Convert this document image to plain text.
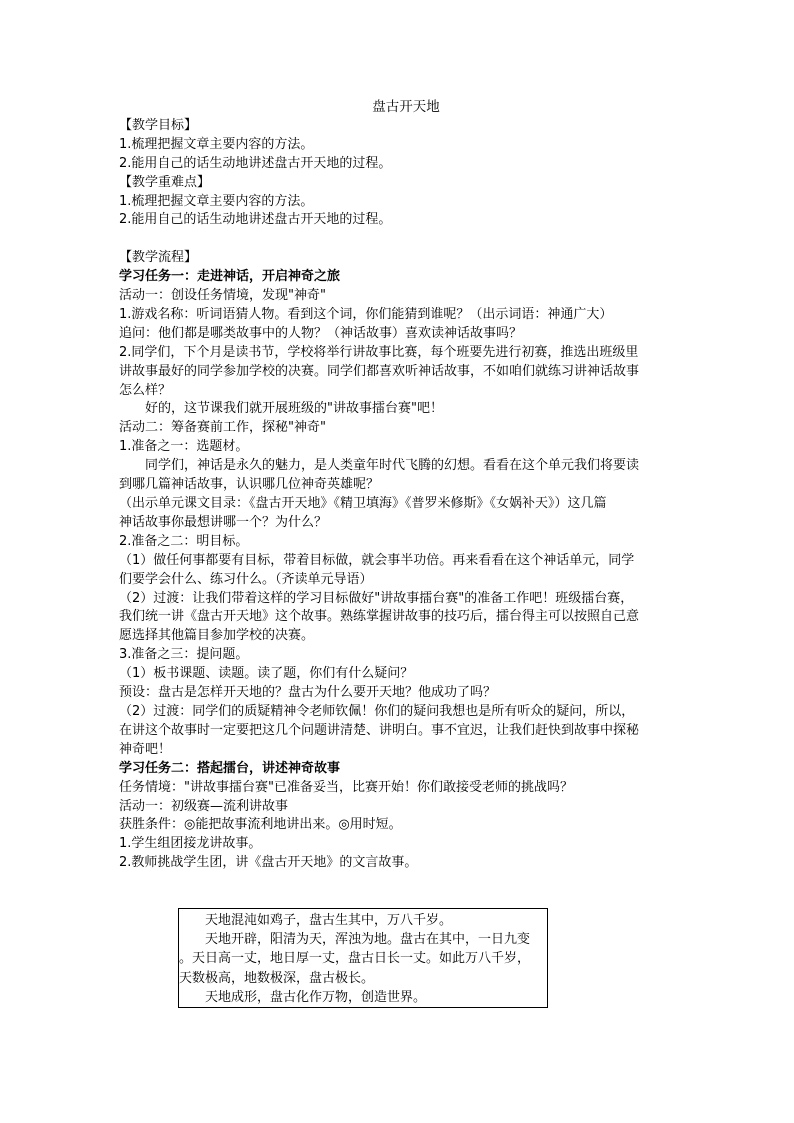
盘古开天地
【教学目标】
1.梳理把握文章主要内容的方法。
2.能用自己的话生动地讲述盘古开天地的过程。
【教学重难点】
1.梳理把握文章主要内容的方法。
2.能用自己的话生动地讲述盘古开天地的过程。
【教学流程】
学习任务一：走进神话，开启神奇之旅
活动一：创设任务情境，发现"神奇"
1.游戏名称：听词语猜人物。看到这个词，你们能猜到谁呢？（出示词语：神通广大）
追问：他们都是哪类故事中的人物？（神话故事）喜欢读神话故事吗？
2.同学们，下个月是读书节，学校将举行讲故事比赛，每个班要先进行初赛，推选出班级里
讲故事最好的同学参加学校的决赛。同学们都喜欢听神话故事，不如咱们就练习讲神话故事
怎么样？
好的，这节课我们就开展班级的"讲故事擂台赛"吧！
活动二：筹备赛前工作，探秘"神奇"
1.准备之一：选题材。
同学们，神话是永久的魅力，是人类童年时代飞腾的幻想。看看在这个单元我们将要读
到哪几篇神话故事，认识哪几位神奇英雄呢？
（出示单元课文目录：《盘古开天地》《精卫填海》《普罗米修斯》《女娲补天》）这几篇
神话故事你最想讲哪一个？为什么？
2.准备之二：明目标。
（1）做任何事都要有目标，带着目标做，就会事半功倍。再来看看在这个神话单元，同学
们要学会什么、练习什么。（齐读单元导语）
（2）过渡：让我们带着这样的学习目标做好"讲故事擂台赛"的准备工作吧！班级擂台赛，
我们统一讲《盘古开天地》这个故事。熟练掌握讲故事的技巧后，擂台得主可以按照自己意
愿选择其他篇目参加学校的决赛。
3.准备之三：提问题。
（1）板书课题、读题。读了题，你们有什么疑问？
预设：盘古是怎样开天地的？盘古为什么要开天地？他成功了吗？
（2）过渡：同学们的质疑精神令老师钦佩！你们的疑问我想也是所有听众的疑问，所以，
在讲这个故事时一定要把这几个问题讲清楚、讲明白。事不宜迟，让我们赶快到故事中探秘
神奇吧！
学习任务二：搭起擂台，讲述神奇故事
任务情境："讲故事擂台赛"已准备妥当，比赛开始！你们敢接受老师的挑战吗？
活动一：初级赛—流利讲故事
获胜条件：◎能把故事流利地讲出来。◎用时短。
1.学生组团接龙讲故事。
2.教师挑战学生团，讲《盘古开天地》的文言故事。
天地混沌如鸡子，盘古生其中，万八千岁。
天地开辟，阳清为天，浑浊为地。盘古在其中，一日九变
。天日高一丈，地日厚一丈，盘古日长一丈。如此万八千岁，
天数极高，地数极深，盘古极长。
天地成形，盘古化作万物，创造世界。
